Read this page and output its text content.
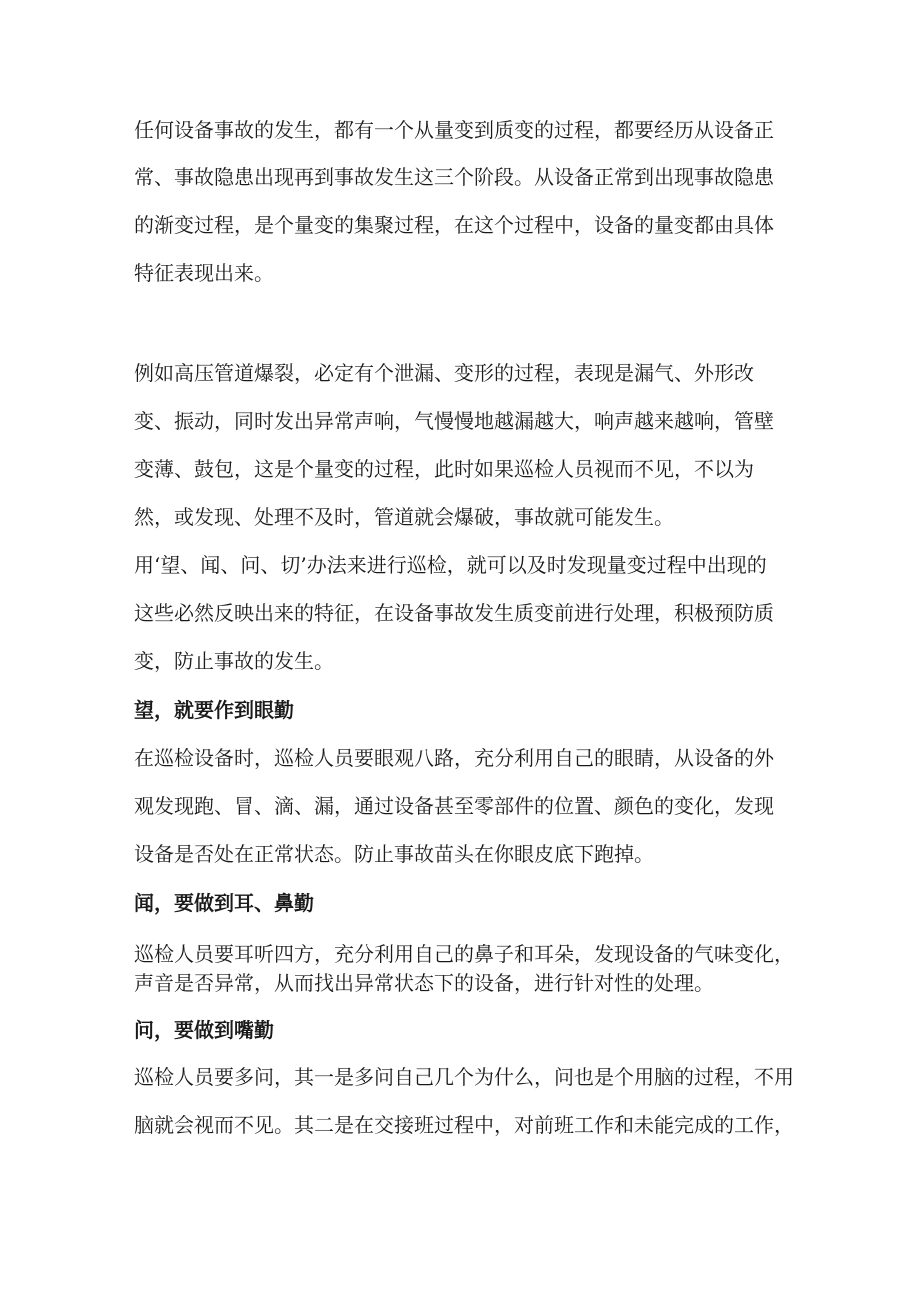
任何设备事故的发生，都有一个从量变到质变的过程，都要经历从设备正
常、事故隐患出现再到事故发生这三个阶段。从设备正常到出现事故隐患
的渐变过程，是个量变的集聚过程，在这个过程中，设备的量变都由具体
特征表现出来。
例如高压管道爆裂，必定有个泄漏、变形的过程，表现是漏气、外形改
变、振动，同时发出异常声响，气慢慢地越漏越大，响声越来越响，管壁
变薄、鼓包，这是个量变的过程，此时如果巡检人员视而不见，不以为
然，或发现、处理不及时，管道就会爆破，事故就可能发生。
用‘望、闻、问、切’办法来进行巡检，就可以及时发现量变过程中出现的
这些必然反映出来的特征，在设备事故发生质变前进行处理，积极预防质
变，防止事故的发生。
望，就要作到眼勤
在巡检设备时，巡检人员要眼观八路，充分利用自己的眼睛，从设备的外
观发现跑、冒、滴、漏，通过设备甚至零部件的位置、颜色的变化，发现
设备是否处在正常状态。防止事故苗头在你眼皮底下跑掉。
闻，要做到耳、鼻勤
巡检人员要耳听四方，充分利用自己的鼻子和耳朵，发现设备的气味变化，
声音是否异常，从而找出异常状态下的设备，进行针对性的处理。
问，要做到嘴勤
巡检人员要多问，其一是多问自己几个为什么，问也是个用脑的过程，不用
脑就会视而不见。其二是在交接班过程中，对前班工作和未能完成的工作，
